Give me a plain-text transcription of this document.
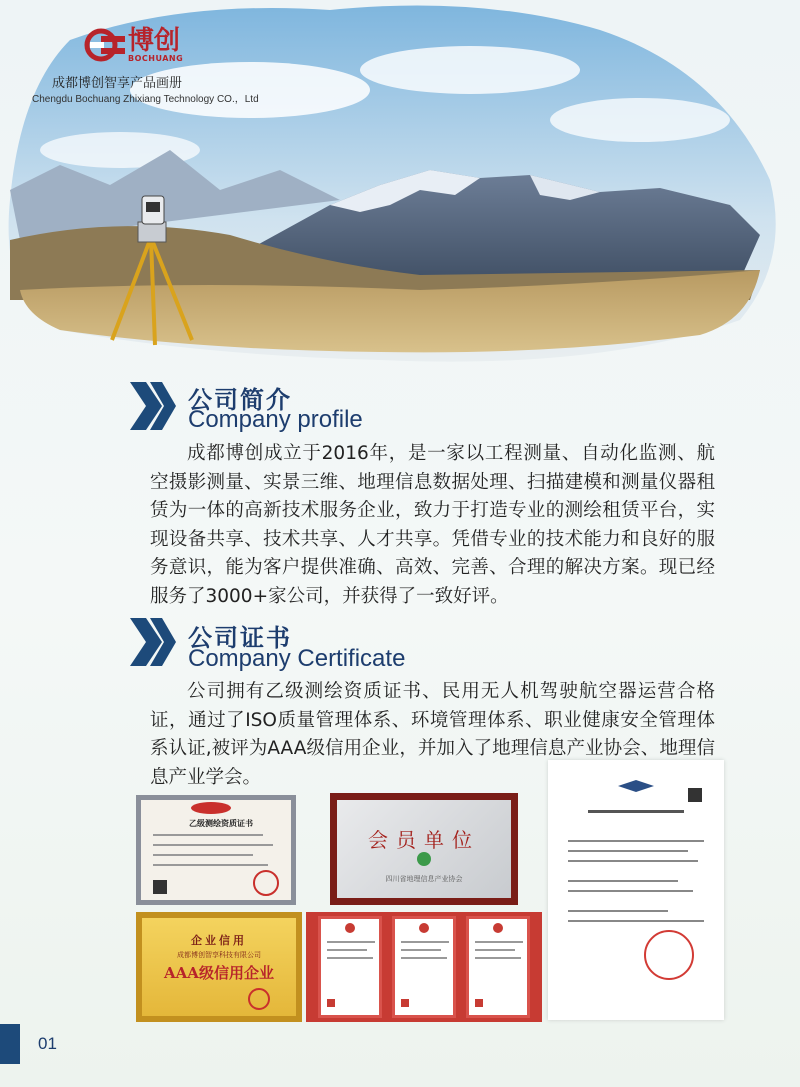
博创
BOCHUANG
成都博创智享产品画册
Chengdu Bochuang Zhixiang Technology CO.，Ltd
公司简介
Company profile
成都博创成立于2016年，是一家以工程测量、自动化监测、航空摄影测量、实景三维、地理信息数据处理、扫描建模和测量仪器租赁为一体的高新技术服务企业，致力于打造专业的测绘租赁平台，实现设备共享、技术共享、人才共享。凭借专业的技术能力和良好的服务意识，能为客户提供准确、高效、完善、合理的解决方案。现已经服务了3000+家公司，并获得了一致好评。
公司证书
Company Certificate
公司拥有乙级测绘资质证书、民用无人机驾驶航空器运营合格证，通过了ISO质量管理体系、环境管理体系、职业健康安全管理体系认证,被评为AAA级信用企业，并加入了地理信息产业协会、地理信息产业学会。
乙级测绘资质证书
会员单位
四川省地理信息产业协会
企业信用
成都博创智享科技有限公司
AAA级信用企业
01
